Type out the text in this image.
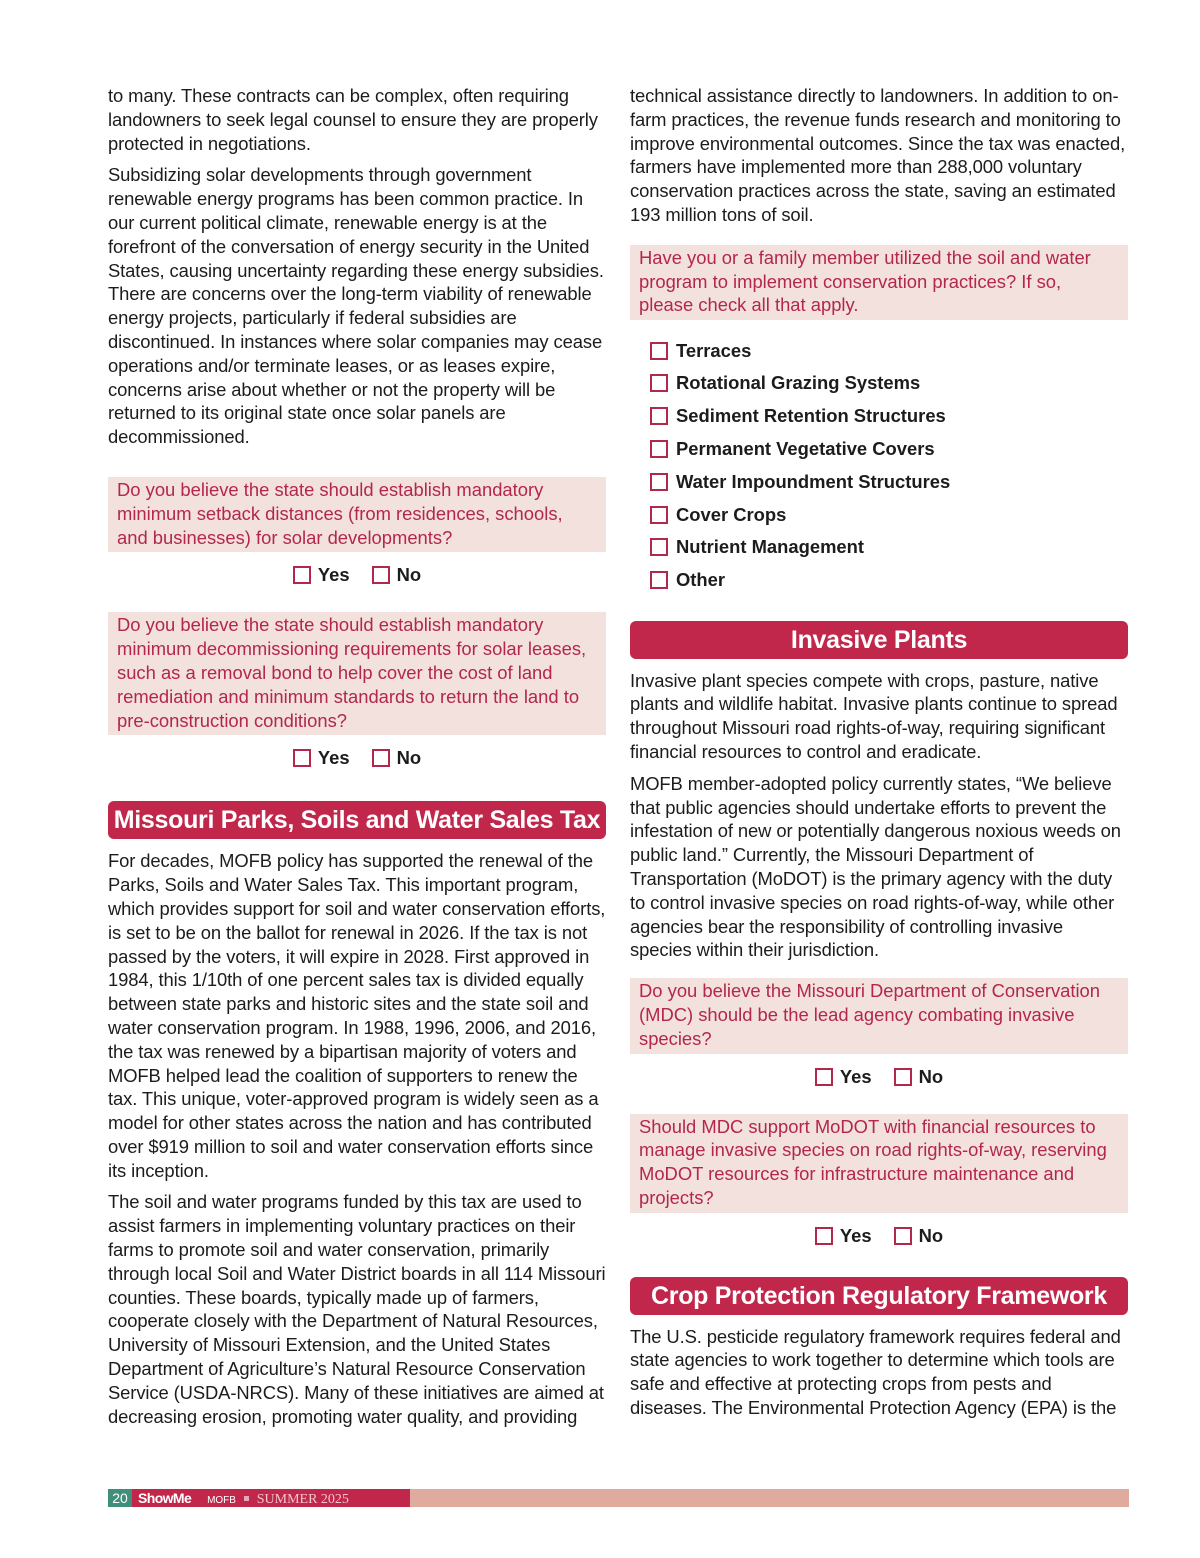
to many. These contracts can be complex, often requiring landowners to seek legal counsel to ensure they are properly protected in negotiations.

Subsidizing solar developments through government renewable energy programs has been common practice. In our current political climate, renewable energy is at the forefront of the conversation of energy security in the United States, causing uncertainty regarding these energy subsidies. There are concerns over the long-term viability of renewable energy projects, particularly if federal subsidies are discontinued. In instances where solar companies may cease operations and/or terminate leases, or as leases expire, concerns arise about whether or not the property will be returned to its original state once solar panels are decommissioned.

Do you believe the state should establish mandatory minimum setback distances (from residences, schools, and businesses) for solar developments?
Yes	No
Do you believe the state should establish mandatory minimum decommissioning requirements for solar leases, such as a removal bond to help cover the cost of land remediation and minimum standards to return the land to pre-construction conditions?
Yes	No
Missouri Parks, Soils and Water Sales Tax

For decades, MOFB policy has supported the renewal of the Parks, Soils and Water Sales Tax. This important program, which provides support for soil and water conservation efforts, is set to be on the ballot for renewal in 2026. If the tax is not passed by the voters, it will expire in 2028. First approved in 1984, this 1/10th of one percent sales tax is divided equally between state parks and historic sites and the state soil and water conservation program. In 1988, 1996, 2006, and 2016, the tax was renewed by a bipartisan majority of voters and MOFB helped lead the coalition of supporters to renew the tax. This unique, voter-approved program is widely seen as a model for other states across the nation and has contributed over $919 million to soil and water conservation efforts since its inception.

The soil and water programs funded by this tax are used to assist farmers in implementing voluntary practices on their farms to promote soil and water conservation, primarily through local Soil and Water District boards in all 114 Missouri counties. These boards, typically made up of farmers, cooperate closely with the Department of Natural Resources, University of Missouri Extension, and the United States Department of Agriculture’s Natural Resource Conservation Service (USDA-NRCS). Many of these initiatives are aimed at decreasing erosion, promoting water quality, and providing

technical assistance directly to landowners. In addition to on-farm practices, the revenue funds research and monitoring to improve environmental outcomes. Since the tax was enacted, farmers have implemented more than 288,000 voluntary conservation practices across the state, saving an estimated 193 million tons of soil.

Have you or a family member utilized the soil and water program to implement conservation practices? If so, please check all that apply.
Terraces
Rotational Grazing Systems
Sediment Retention Structures
Permanent Vegetative Covers
Water Impoundment Structures
Cover Crops
Nutrient Management
Other
Invasive Plants

Invasive plant species compete with crops, pasture, native plants and wildlife habitat. Invasive plants continue to spread throughout Missouri road rights-of-way, requiring significant financial resources to control and eradicate.

MOFB member-adopted policy currently states, “We believe that public agencies should undertake efforts to prevent the infestation of new or potentially dangerous noxious weeds on public land.” Currently, the Missouri Department of Transportation (MoDOT) is the primary agency with the duty to control invasive species on road rights-of-way, while other agencies bear the responsibility of controlling invasive species within their jurisdiction.

Do you believe the Missouri Department of Conservation (MDC) should be the lead agency combating invasive species?
Yes	No
Should MDC support MoDOT with financial resources to manage invasive species on road rights-of-way, reserving MoDOT resources for infrastructure maintenance and projects?
Yes	No
Crop Protection Regulatory Framework

The U.S. pesticide regulatory framework requires federal and state agencies to work together to determine which tools are safe and effective at protecting crops from pests and diseases. The Environmental Protection Agency (EPA) is the

20 ShowMe MOFB SUMMER 2025
